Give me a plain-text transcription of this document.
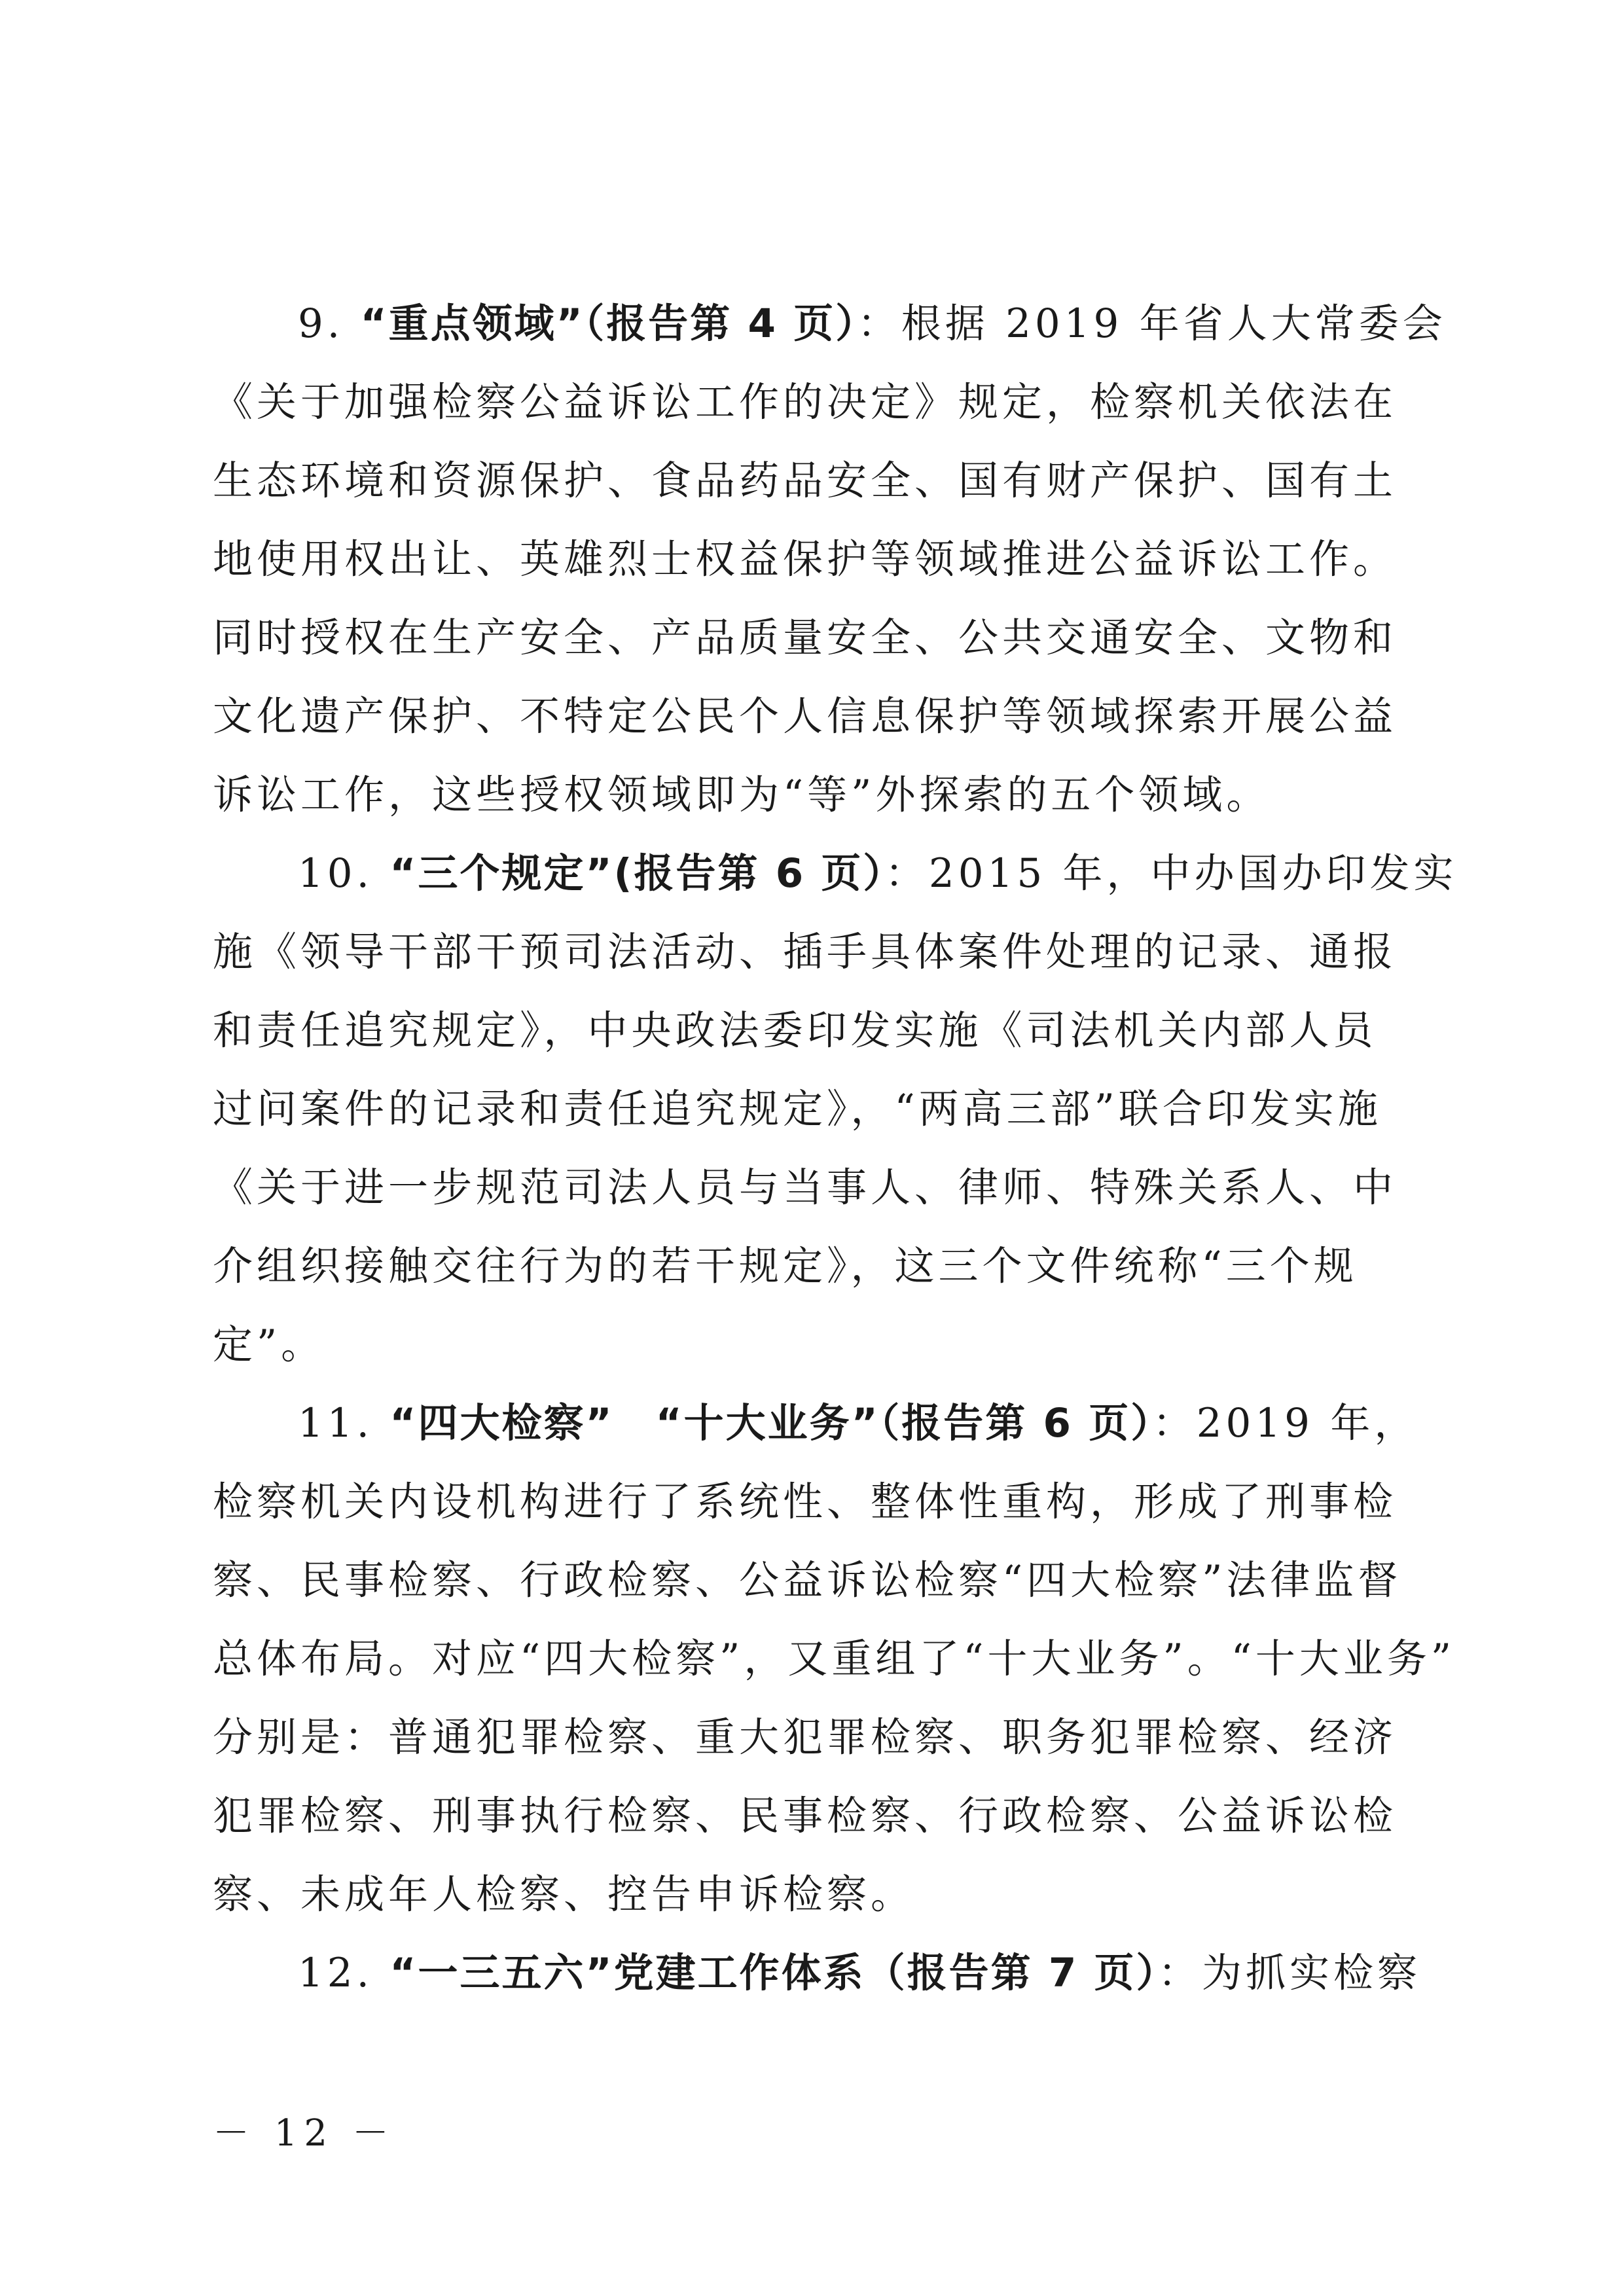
9. “重点领域”（报告第 4 页）：根据 2019 年省人大常委会
《关于加强检察公益诉讼工作的决定》规定，检察机关依法在
生态环境和资源保护、食品药品安全、国有财产保护、国有土
地使用权出让、英雄烈士权益保护等领域推进公益诉讼工作。
同时授权在生产安全、产品质量安全、公共交通安全、文物和
文化遗产保护、不特定公民个人信息保护等领域探索开展公益
诉讼工作，这些授权领域即为“等”外探索的五个领域。
10. “三个规定”(报告第 6 页）：2015 年，中办国办印发实
施《领导干部干预司法活动、插手具体案件处理的记录、通报
和责任追究规定》，中央政法委印发实施《司法机关内部人员
过问案件的记录和责任追究规定》，“两高三部”联合印发实施
《关于进一步规范司法人员与当事人、律师、特殊关系人、中
介组织接触交往行为的若干规定》，这三个文件统称“三个规
定”。
11. “四大检察”　“十大业务”（报告第 6 页）：2019 年，
检察机关内设机构进行了系统性、整体性重构，形成了刑事检
察、民事检察、行政检察、公益诉讼检察“四大检察”法律监督
总体布局。对应“四大检察”，又重组了“十大业务”。“十大业务”
分别是：普通犯罪检察、重大犯罪检察、职务犯罪检察、经济
犯罪检察、刑事执行检察、民事检察、行政检察、公益诉讼检
察、未成年人检察、控告申诉检察。
12. “一三五六”党建工作体系（报告第 7 页）：为抓实检察
－ 12 －
